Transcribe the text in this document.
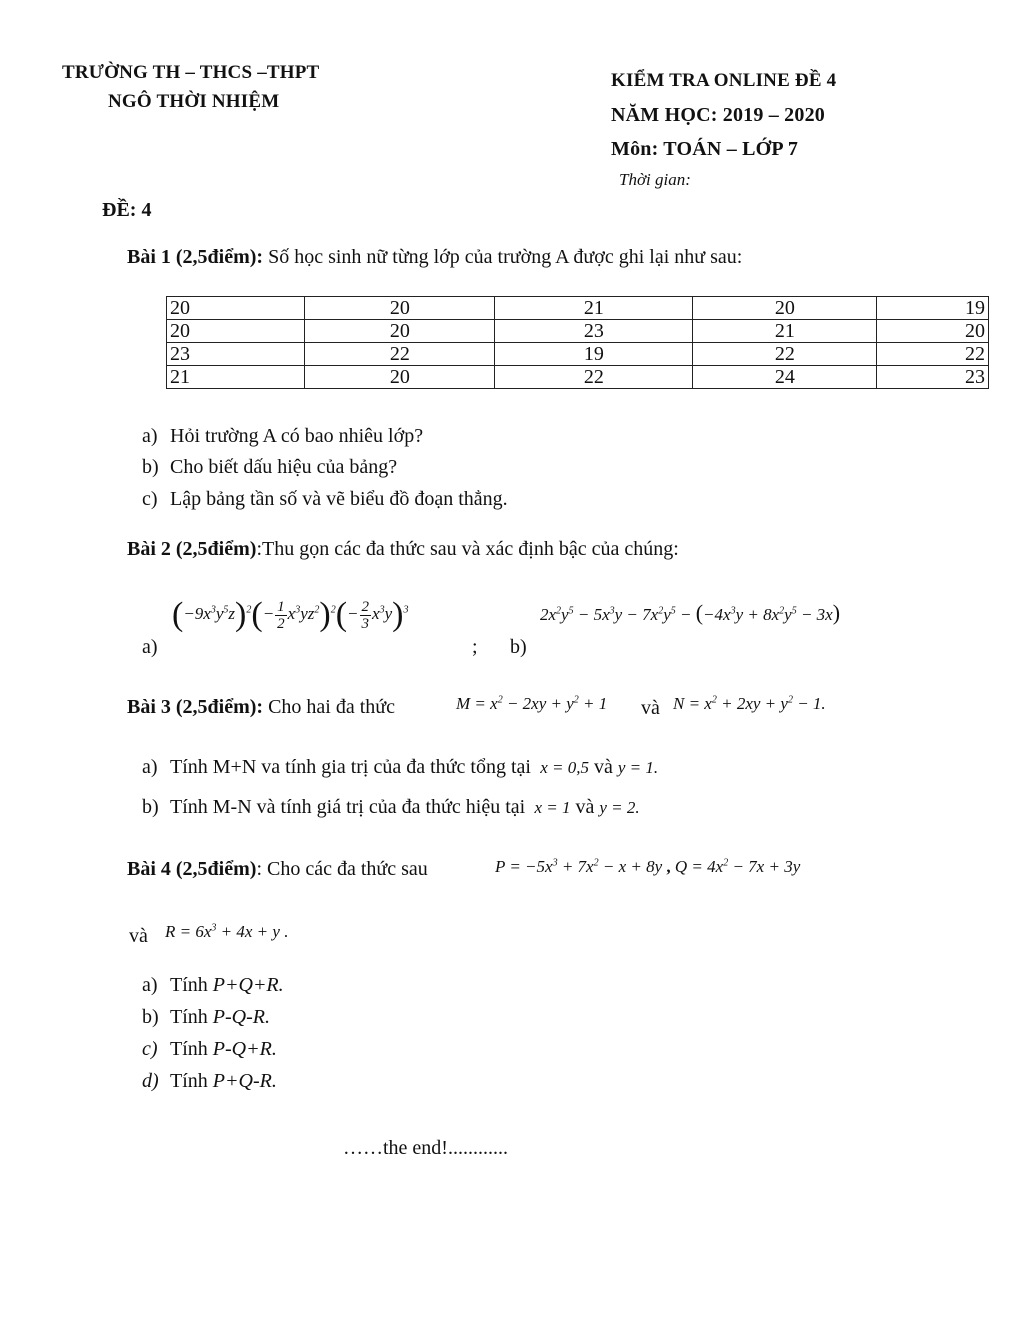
TRƯỜNG TH – THCS –THPT
NGÔ THỜI NHIỆM
KIỂM TRA ONLINE ĐỀ 4
NĂM HỌC: 2019 – 2020
Môn: TOÁN – LỚP 7
Thời gian:
ĐỀ: 4
Bài 1 (2,5điểm): Số học sinh nữ từng lớp của trường A được ghi lại như sau:
20	20	21	20	19
20	20	23	21	20
23	22	19	22	22
21	20	22	24	23
a) Hỏi trường A có bao nhiêu lớp?
b) Cho biết dấu hiệu của bảng?
c) Lập bảng tần số và vẽ biểu đồ đoạn thẳng.
Bài 2 (2,5điểm):Thu gọn các đa thức sau và xác định bậc của chúng:
a)
$(-9x^3y^5z)^2(- \frac{1}{2} x^3yz^2)^2(- \frac{2}{3} x^3y)^3$
; b)
$2x^2y^5 - 5x^3y - 7x^2y^5 - (-4x^3y + 8x^2y^5 - 3x)$
Bài 3 (2,5điểm): Cho hai đa thức	$M = x^2 - 2xy + y^2 + 1$ và $N = x^2 + 2xy + y^2 - 1$.
a) Tính M+N va tính gia trị của đa thức tổng tại  x = 0,5 và y = 1.
b) Tính M-N và tính giá trị của đa thức hiệu tại  x = 1 và y = 2.
Bài 4 (2,5điểm): Cho các đa thức sau	$P = -5x^3 + 7x^2 - x + 8y$ , $Q = 4x^2 - 7x + 3y$
và $R = 6x^3 + 4x + y$ .
a) Tính P+Q+R.
b) Tính P-Q-R.
c) Tính P-Q+R.
d) Tính P+Q-R.
……the end!............
